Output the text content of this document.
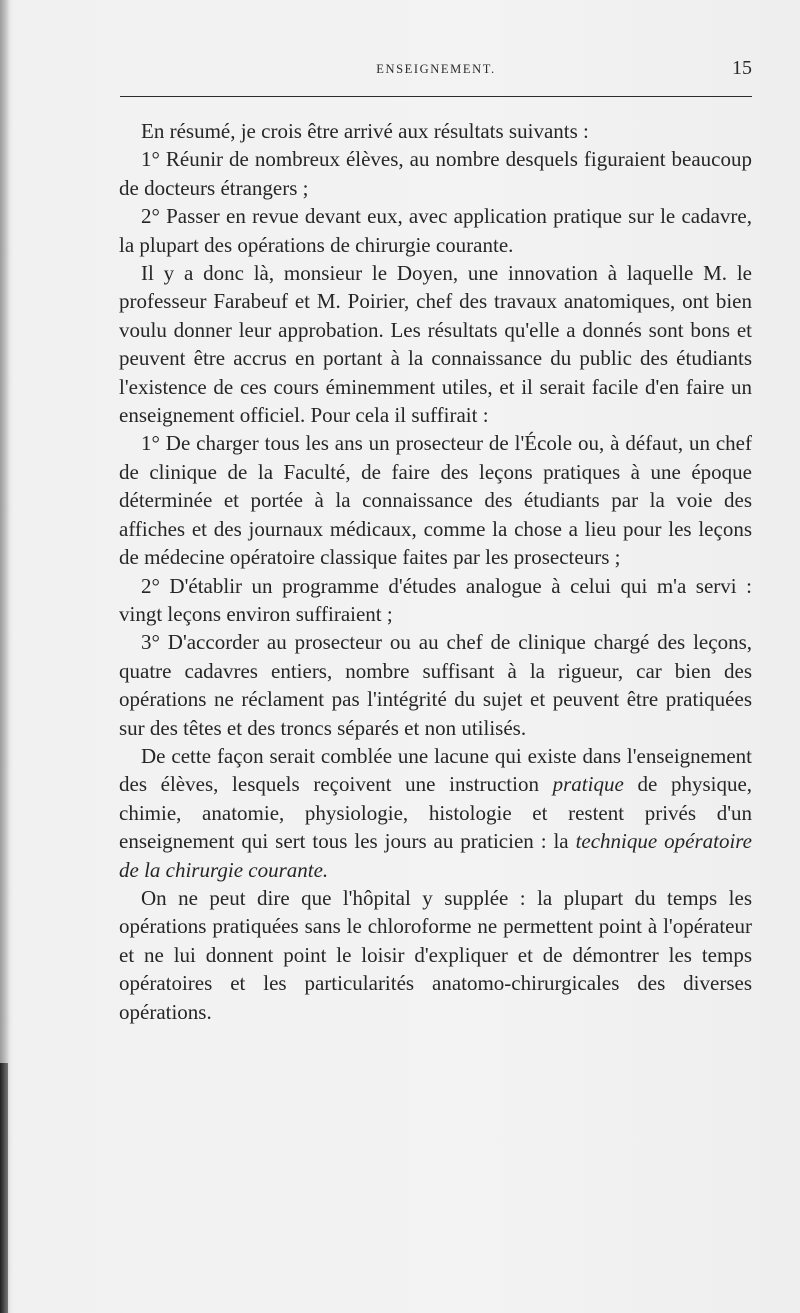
ENSEIGNEMENT.	15

En résumé, je crois être arrivé aux résultats suivants :

1° Réunir de nombreux élèves, au nombre desquels figuraient beaucoup de docteurs étrangers ;

2° Passer en revue devant eux, avec application pratique sur le cadavre, la plupart des opérations de chirurgie courante.

Il y a donc là, monsieur le Doyen, une innovation à laquelle M. le professeur Farabeuf et M. Poirier, chef des travaux anatomiques, ont bien voulu donner leur approbation. Les résultats qu'elle a donnés sont bons et peuvent être accrus en portant à la connaissance du public des étudiants l'existence de ces cours éminemment utiles, et il serait facile d'en faire un enseignement officiel. Pour cela il suffirait :

1° De charger tous les ans un prosecteur de l'École ou, à défaut, un chef de clinique de la Faculté, de faire des leçons pratiques à une époque déterminée et portée à la connaissance des étudiants par la voie des affiches et des journaux médicaux, comme la chose a lieu pour les leçons de médecine opératoire classique faites par les prosecteurs ;

2° D'établir un programme d'études analogue à celui qui m'a servi : vingt leçons environ suffiraient ;

3° D'accorder au prosecteur ou au chef de clinique chargé des leçons, quatre cadavres entiers, nombre suffisant à la rigueur, car bien des opérations ne réclament pas l'intégrité du sujet et peuvent être pratiquées sur des têtes et des troncs séparés et non utilisés.

De cette façon serait comblée une lacune qui existe dans l'enseignement des élèves, lesquels reçoivent une instruction pratique de physique, chimie, anatomie, physiologie, histologie et restent privés d'un enseignement qui sert tous les jours au praticien : la technique opératoire de la chirurgie courante.

On ne peut dire que l'hôpital y supplée : la plupart du temps les opérations pratiquées sans le chloroforme ne permettent point à l'opérateur et ne lui donnent point le loisir d'expliquer et de démontrer les temps opératoires et les particularités anatomo-chirurgicales des diverses opérations.
